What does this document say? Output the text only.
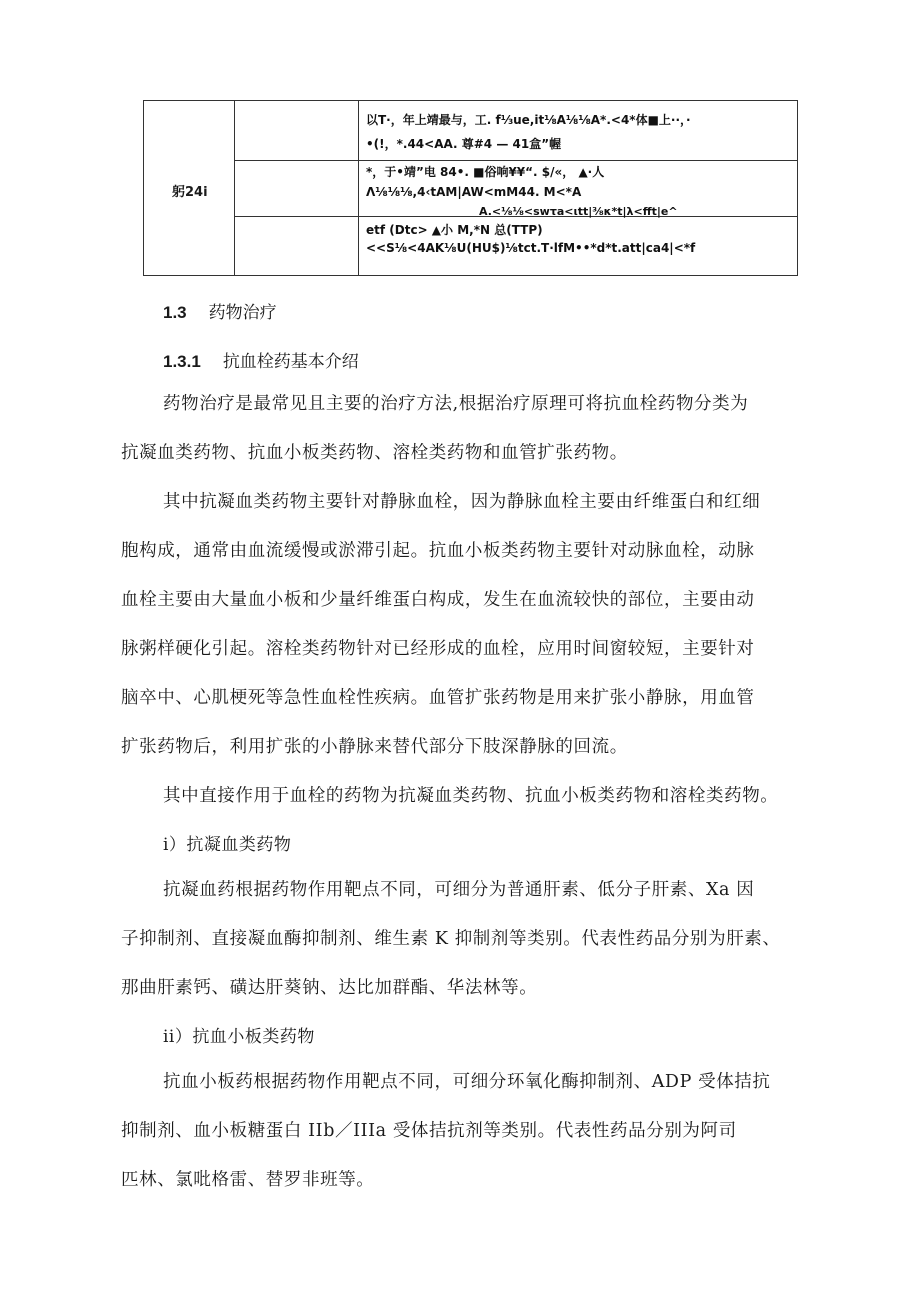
躬24i
以T·，年上靖最与，工. f⅓ue,it⅛A⅛⅛A*.<4*体■上··，·
•(!，*.44<AA. 尊#4 — 41盒”幄
*，于•靖”电 84•. ■俗响¥¥“. $/«， ▲·人
Λ⅛⅛⅛,4‹tAM|AW<mM44. M<*A
A.<⅛⅛<swτa<ιtt|⅜κ*t|λ<fft|e^
etf (Dtc> ▲小 M,*N 总(TTP)
<<S⅛<4AK⅛U(HU$)⅛tct.T·lfM••*d*t.att|ca4|<*f
1.3 药物治疗
1.3.1 抗血栓药基本介绍
药物治疗是最常见且主要的治疗方法,根据治疗原理可将抗血栓药物分类为
抗凝血类药物、抗血小板类药物、溶栓类药物和血管扩张药物。
其中抗凝血类药物主要针对静脉血栓，因为静脉血栓主要由纤维蛋白和红细
胞构成，通常由血流缓慢或淤滞引起。抗血小板类药物主要针对动脉血栓，动脉
血栓主要由大量血小板和少量纤维蛋白构成，发生在血流较快的部位，主要由动
脉粥样硬化引起。溶栓类药物针对已经形成的血栓，应用时间窗较短，主要针对
脑卒中、心肌梗死等急性血栓性疾病。血管扩张药物是用来扩张小静脉，用血管
扩张药物后，利用扩张的小静脉来替代部分下肢深静脉的回流。
其中直接作用于血栓的药物为抗凝血类药物、抗血小板类药物和溶栓类药物。
i）抗凝血类药物
抗凝血药根据药物作用靶点不同，可细分为普通肝素、低分子肝素、Xa 因
子抑制剂、直接凝血酶抑制剂、维生素 K 抑制剂等类别。代表性药品分别为肝素、
那曲肝素钙、磺达肝葵钠、达比加群酯、华法林等。
ii）抗血小板类药物
抗血小板药根据药物作用靶点不同，可细分环氧化酶抑制剂、ADP 受体拮抗
抑制剂、血小板糖蛋白 IIb／IIIa 受体拮抗剂等类别。代表性药品分别为阿司
匹林、氯吡格雷、替罗非班等。
